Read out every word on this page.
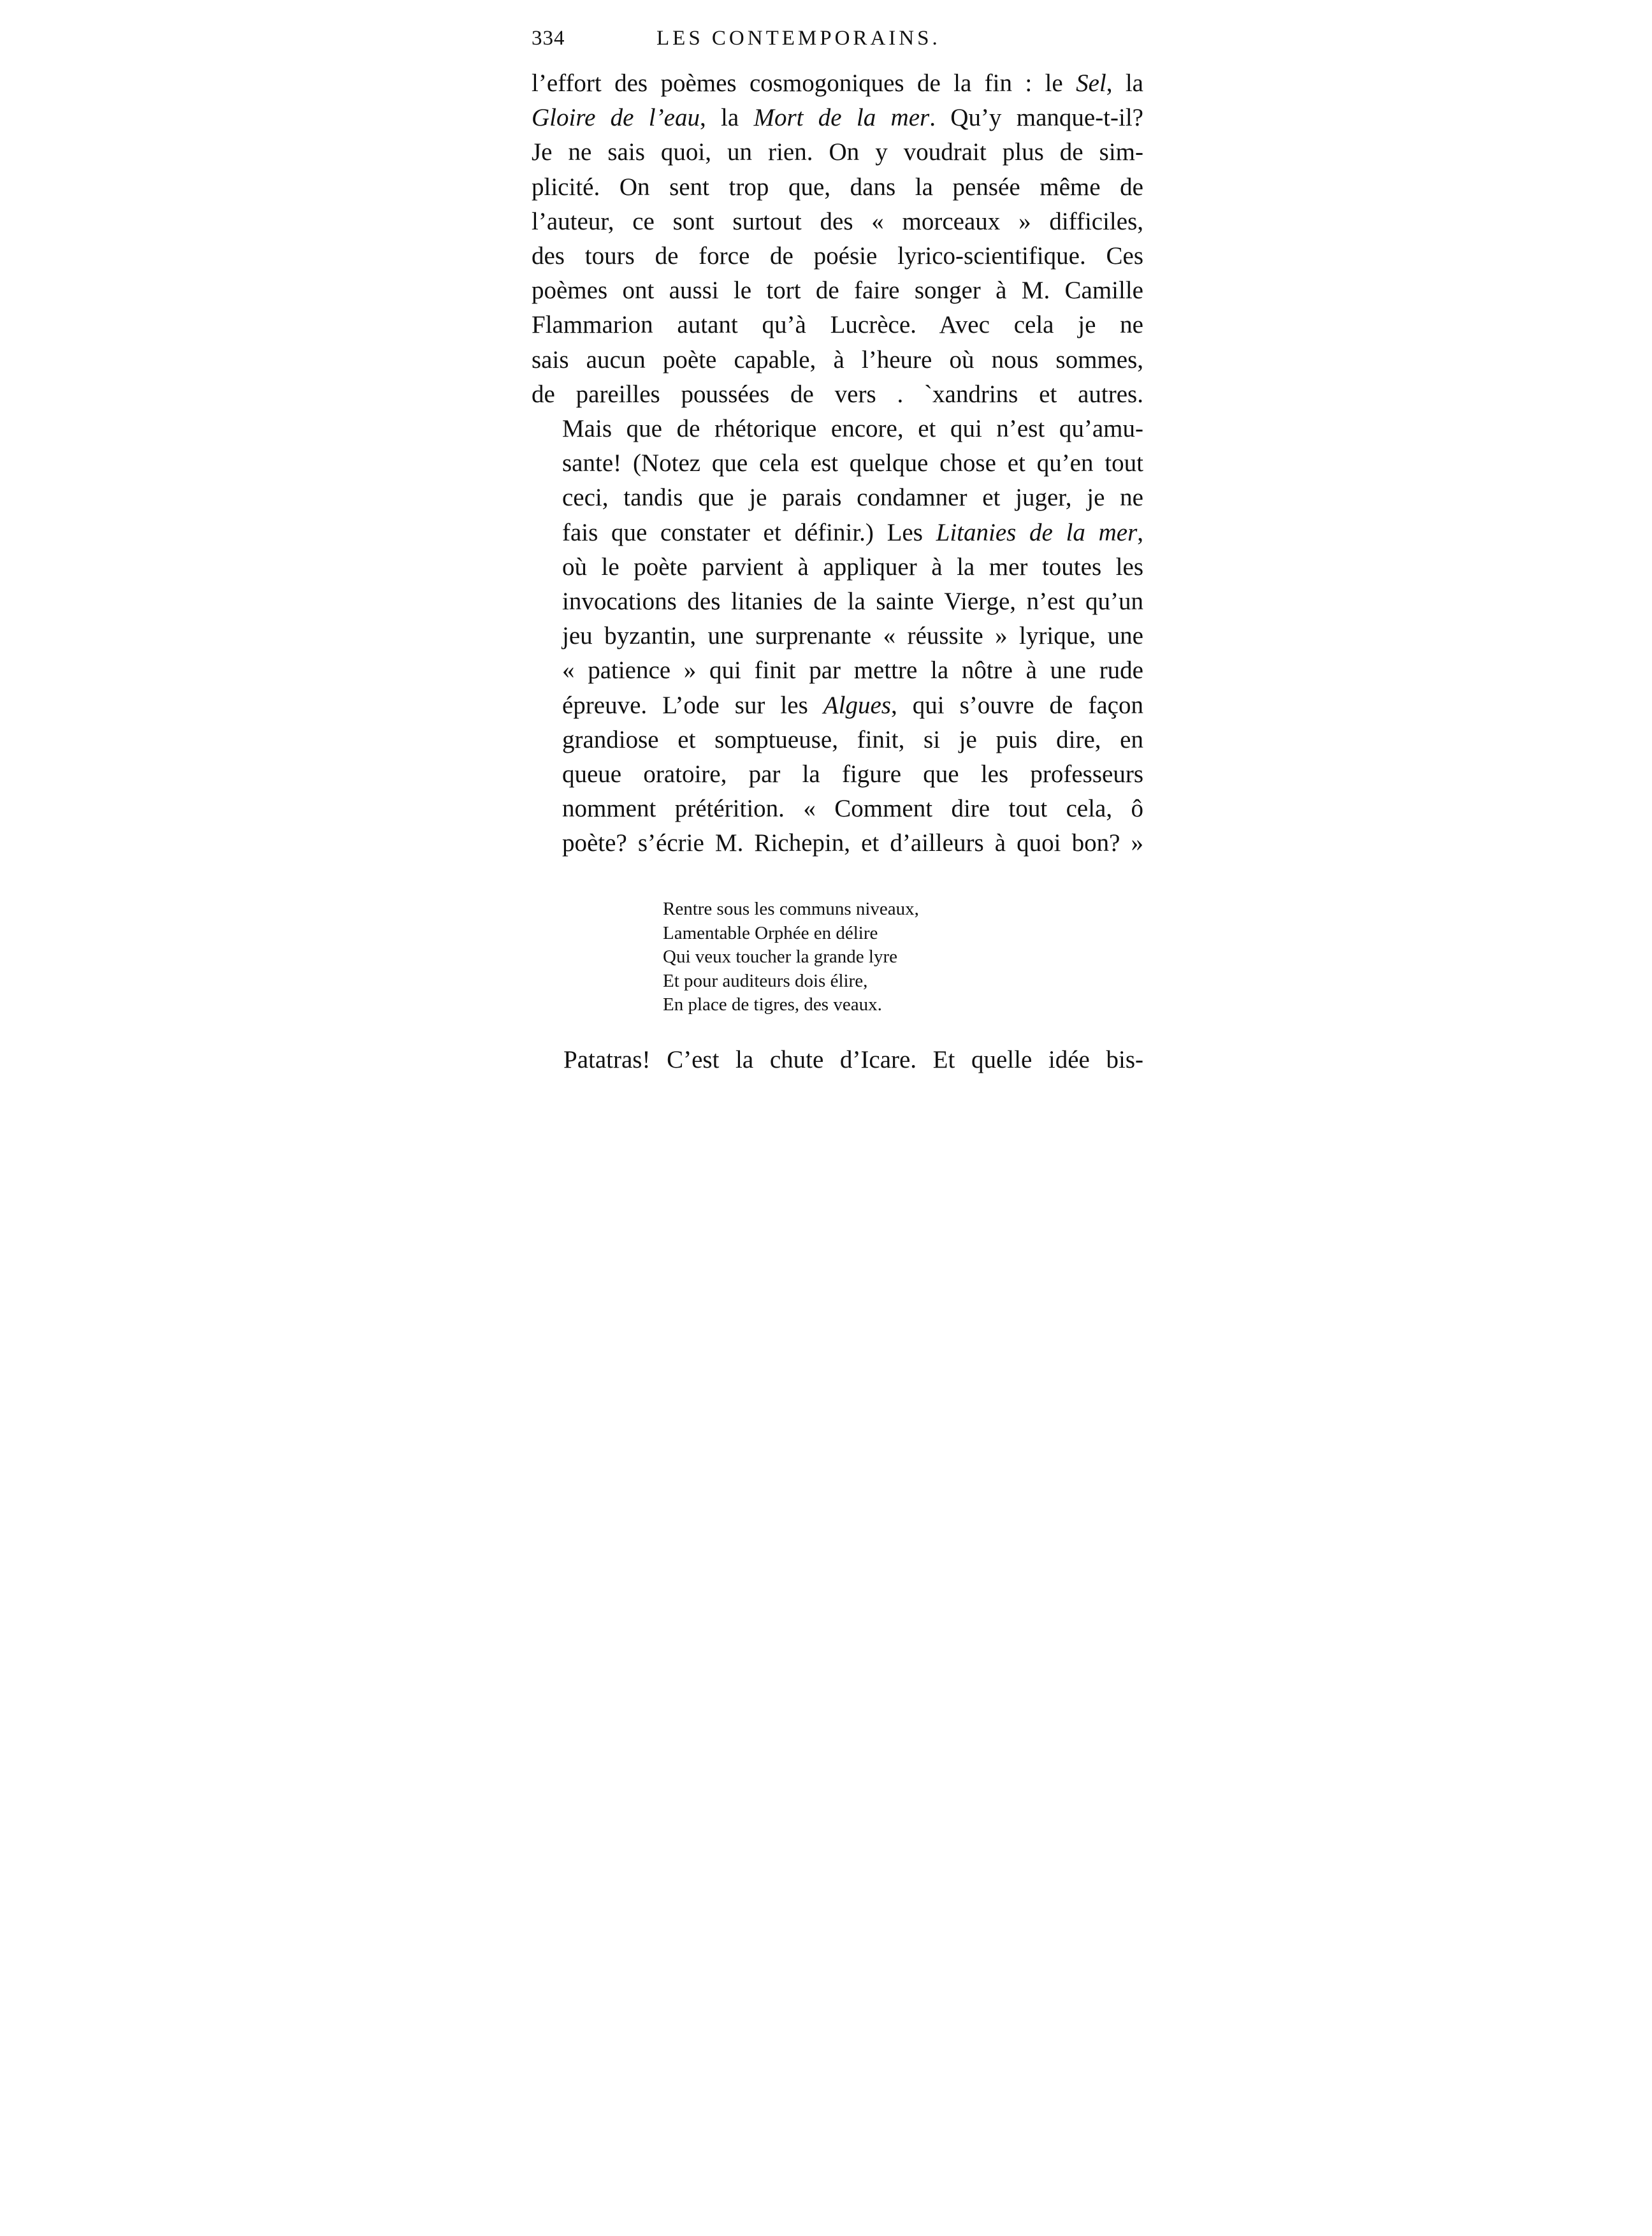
334	LES CONTEMPORAINS.

l’effort des poèmes cosmogoniques de la fin : le Sel, la
Gloire de l’eau, la Mort de la mer. Qu’y manque-t-il?
Je ne sais quoi, un rien. On y voudrait plus de sim-
plicité. On sent trop que, dans la pensée même de
l’auteur, ce sont surtout des « morceaux » difficiles,
des tours de force de poésie lyrico-scientifique. Ces
poèmes ont aussi le tort de faire songer à M. Camille
Flammarion autant qu’à Lucrèce. Avec cela je ne
sais aucun poète capable, à l’heure où nous sommes,
de pareilles poussées de vers . `xandrins et autres.

Mais que de rhétorique encore, et qui n’est qu’amu-
sante! (Notez que cela est quelque chose et qu’en tout
ceci, tandis que je parais condamner et juger, je ne
fais que constater et définir.) Les Litanies de la mer,
où le poète parvient à appliquer à la mer toutes les
invocations des litanies de la sainte Vierge, n’est qu’un
jeu byzantin, une surprenante « réussite » lyrique, une
« patience » qui finit par mettre la nôtre à une rude
épreuve. L’ode sur les Algues, qui s’ouvre de façon
grandiose et somptueuse, finit, si je puis dire, en
queue oratoire, par la figure que les professeurs
nomment prétérition. « Comment dire tout cela, ô
poète? s’écrie M. Richepin, et d’ailleurs à quoi bon? »

Rentre sous les communs niveaux,
Lamentable Orphée en délire
Qui veux toucher la grande lyre
Et pour auditeurs dois élire,
En place de tigres, des veaux.
Patatras! C’est la chute d’Icare. Et quelle idée bis-
